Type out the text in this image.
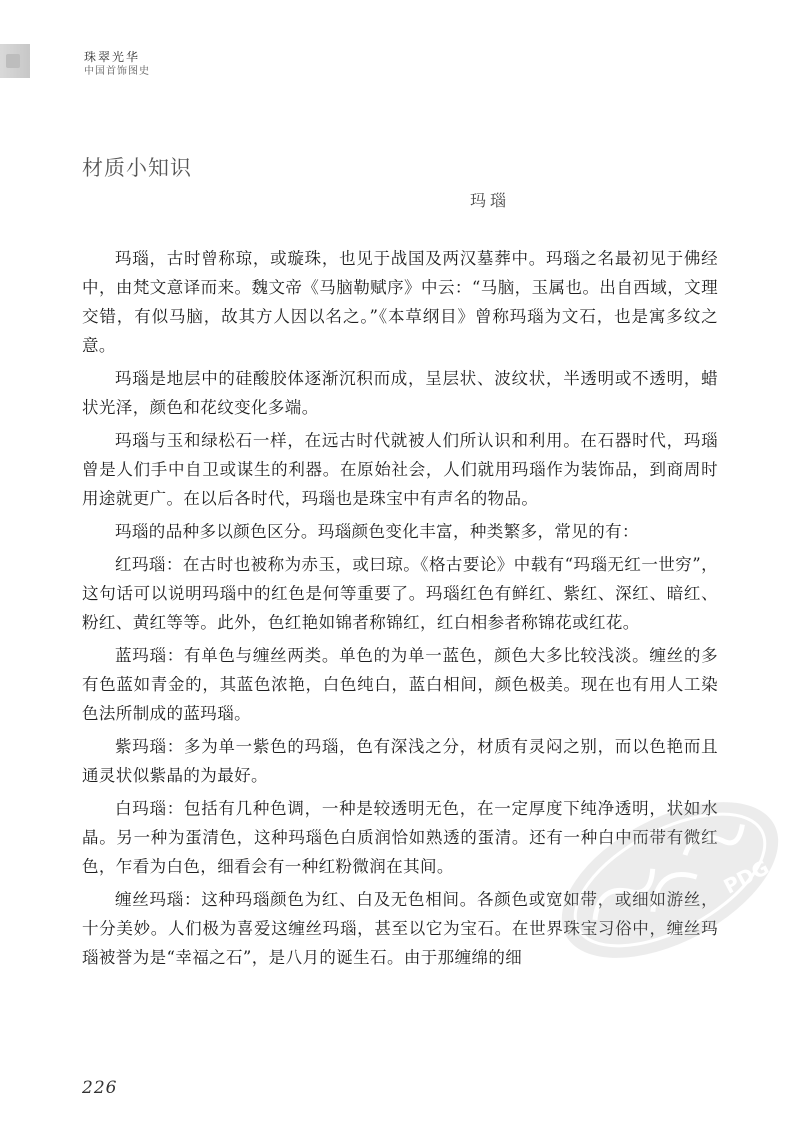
珠翠光华
中国首饰图史
材质小知识
玛瑙

玛瑙，古时曾称琼，或璇珠，也见于战国及两汉墓葬中。玛瑙之名最初见于佛经中，由梵文意译而来。魏文帝《马脑勒赋序》中云：“马脑，玉属也。出自西域，文理交错，有似马脑，故其方人因以名之。”《本草纲目》曾称玛瑙为文石，也是寓多纹之意。

玛瑙是地层中的硅酸胶体逐渐沉积而成，呈层状、波纹状，半透明或不透明，蜡状光泽，颜色和花纹变化多端。

玛瑙与玉和绿松石一样，在远古时代就被人们所认识和利用。在石器时代，玛瑙曾是人们手中自卫或谋生的利器。在原始社会，人们就用玛瑙作为装饰品，到商周时用途就更广。在以后各时代，玛瑙也是珠宝中有声名的物品。

玛瑙的品种多以颜色区分。玛瑙颜色变化丰富，种类繁多，常见的有：

红玛瑙：在古时也被称为赤玉，或曰琼。《格古要论》中载有“玛瑙无红一世穷”，这句话可以说明玛瑙中的红色是何等重要了。玛瑙红色有鲜红、紫红、深红、暗红、粉红、黄红等等。此外，色红艳如锦者称锦红，红白相参者称锦花或红花。

蓝玛瑙：有单色与缠丝两类。单色的为单一蓝色，颜色大多比较浅淡。缠丝的多有色蓝如青金的，其蓝色浓艳，白色纯白，蓝白相间，颜色极美。现在也有用人工染色法所制成的蓝玛瑙。

紫玛瑙：多为单一紫色的玛瑙，色有深浅之分，材质有灵闷之别，而以色艳而且通灵状似紫晶的为最好。

白玛瑙：包括有几种色调，一种是较透明无色，在一定厚度下纯净透明，状如水晶。另一种为蛋清色，这种玛瑙色白质润恰如熟透的蛋清。还有一种白中而带有微红色，乍看为白色，细看会有一种红粉微润在其间。

缠丝玛瑙：这种玛瑙颜色为红、白及无色相间。各颜色或宽如带，或细如游丝，十分美妙。人们极为喜爱这缠丝玛瑙，甚至以它为宝石。在世界珠宝习俗中，缠丝玛瑙被誉为是“幸福之石”，是八月的诞生石。由于那缠绵的细

PDG
226
